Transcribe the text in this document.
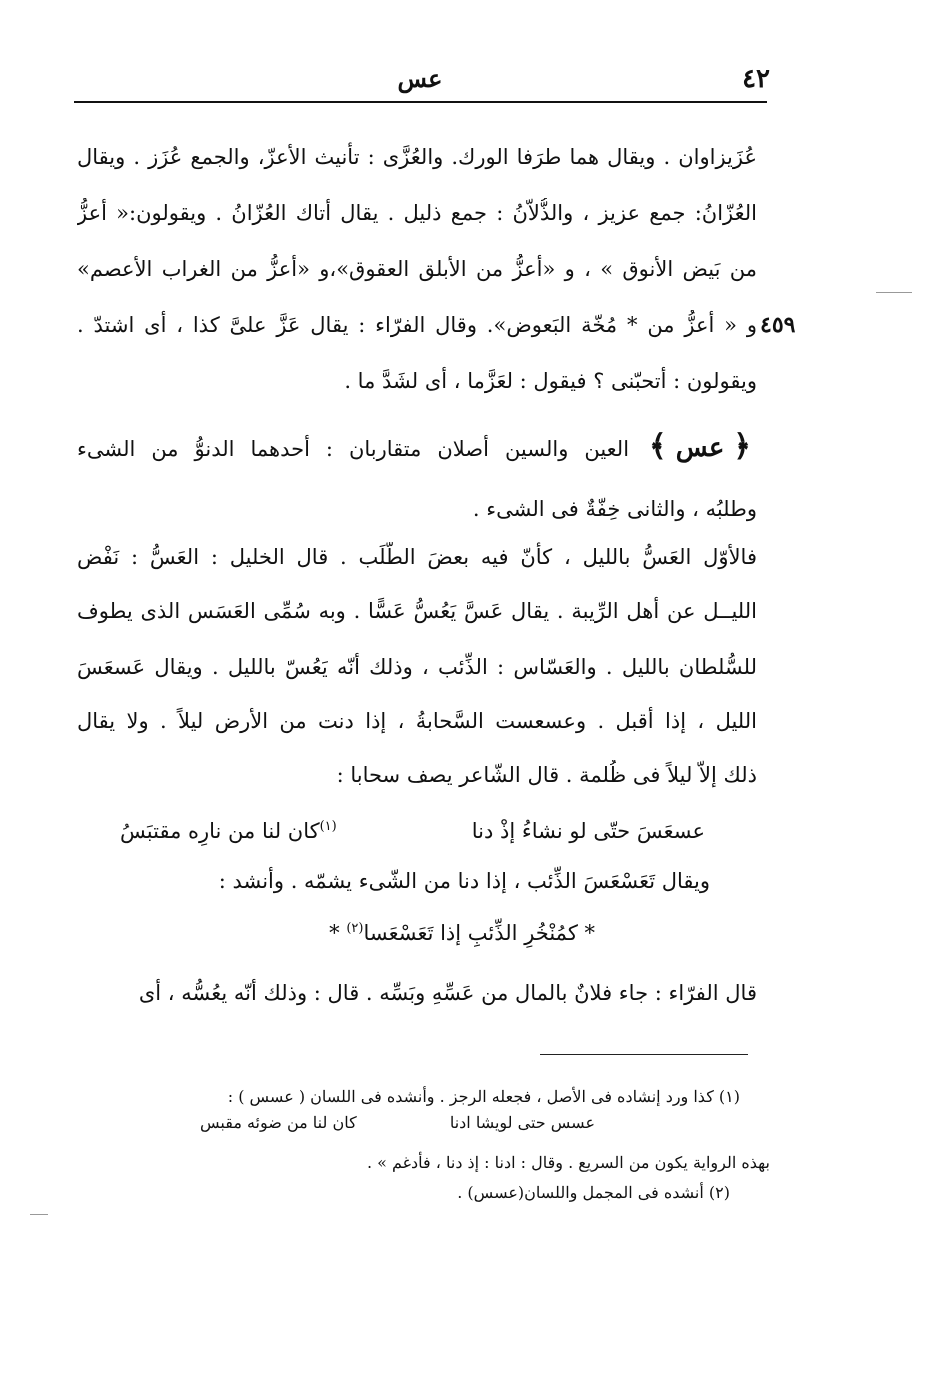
٤٢
عس
عُزَيزاوان . ويقال هما طرَفا الورك. والعُزَّى : تأنيث الأعزّ، والجمع عُزَز . ويقال
العُزّانُ: جمع عزيز ، والذُّلاّنُ : جمع ذليل . يقال أتاك العُزّانُ . ويقولون:« أعزُّ
من بَيض الأنوق » ، و «أعزُّ من الأبلق العقوق»،و «أعزُّ من الغراب الأعصم»
و « أعزُّ من * مُخّة البَعوض». وقال الفرّاء : يقال عَزَّ علىَّ كذا ، أى اشتدّ . ٤٥٩
ويقولون : أتحبّنى ؟ فيقول : لعَزَّما ، أى لشَدَّ ما .
﴿ عس ﴾العين والسين أصلان متقاربان : أحدهما الدنوُّ من الشىء
وطلبُه ، والثانى خِفّةٌ فى الشىء .
فالأوّل العَسُّ بالليل ، كأنّ فيه بعضَ الطَّلَب . قال الخليل : العَسُّ : نَفْض
الليــل عن أهل الرِّيبة . يقال عَسَّ يَعُسُّ عَسًّا . وبه سُمِّى العَسَس الذى يطوف
للسُّلطان بالليل . والعَسّاس : الذِّئب ، وذلك أنّه يَعُسّ بالليل . ويقال عَسعَسَ
الليل ، إذا أقبل . وعسعست السَّحابةُ ، إذا دنت من الأرض ليلاً . ولا يقال
ذلك إلاّ ليلاً فى ظُلمة . قال الشّاعر يصف سحابا :
عسعَسَ حتّى لو نشاءُ إذْ دنا
$^{(١)}$كان لنا من نارِه مقتبَسُ
ويقال تَعَسْعَسَ الذِّئب ، إذا دنا من الشّىء يشمّه . وأنشد :
* كمُنْخُرِ الذِّئبِ إذا تَعَسْعَسا$^{(٢)}$ *
قال الفرّاء : جاء فلانٌ بالمال من عَسِّهِ وبَسِّه . قال : وذلك أنّه يعُسُّه ، أى
(١) كذا ورد إنشاده فى الأصل ، فجعله الرجز . وأنشده فى اللسان ( عسس ) :
عسس حتى لويشا ادنا
كان لنا من ضوئه مقبس
بهذه الرواية يكون من السريع . وقال : ادنا : إذ دنا ، فأدغم » .
(٢) أنشده فى المجمل واللسان(عسس) .
